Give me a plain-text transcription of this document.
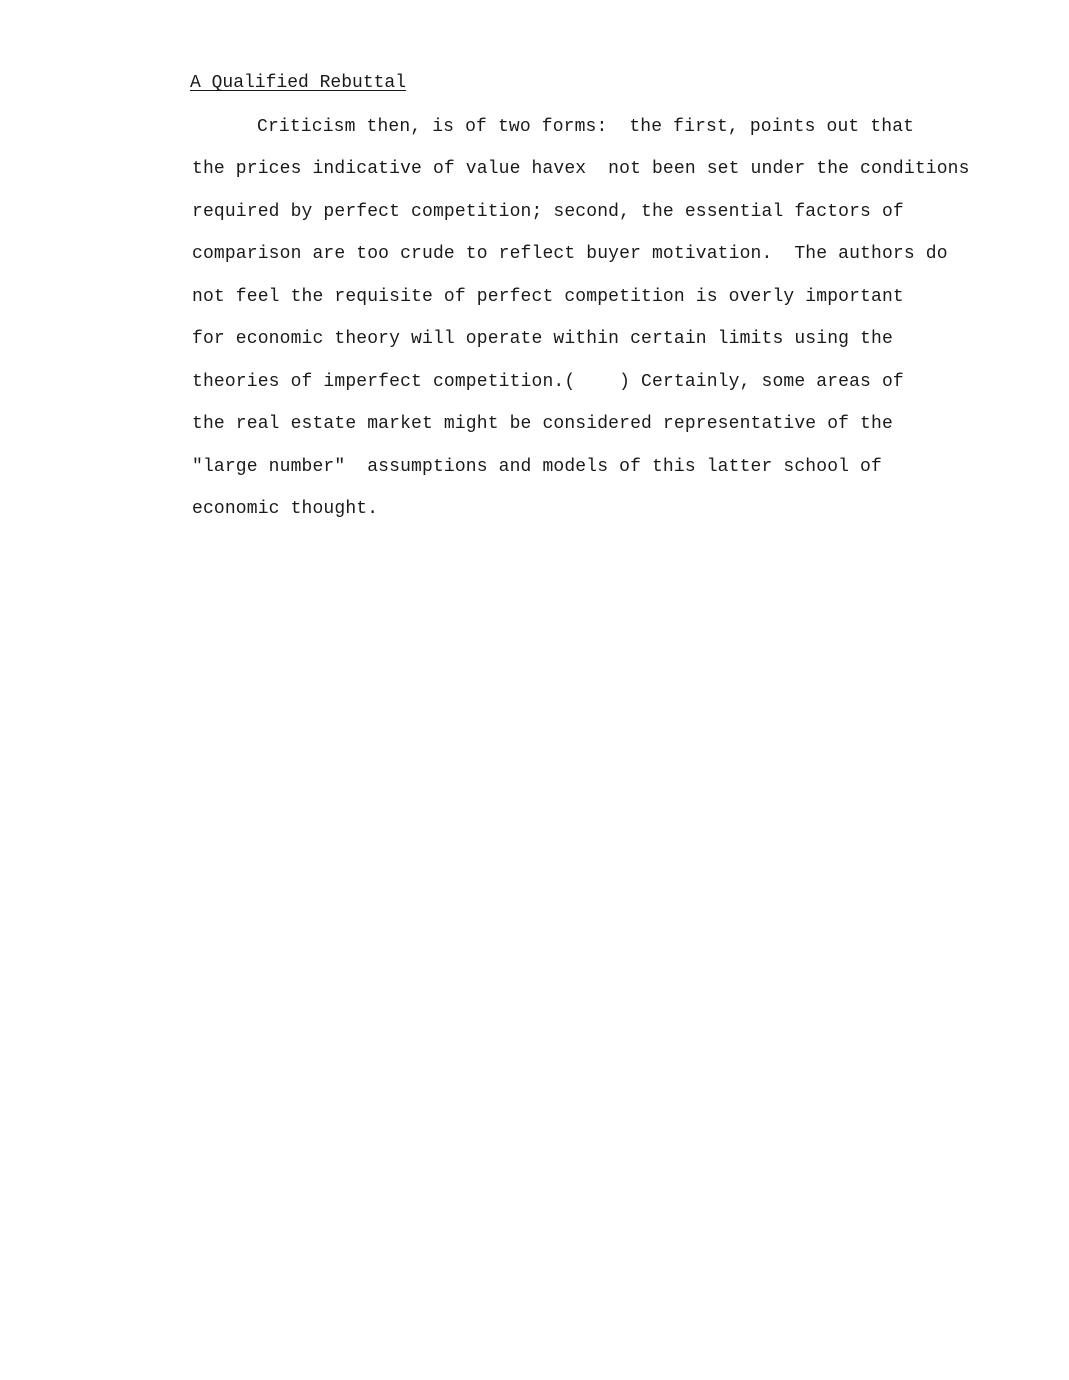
A Qualified Rebuttal
Criticism then, is of two forms:  the first, points out that
the prices indicative of value havex  not been set under the conditions
required by perfect competition; second, the essential factors of
comparison are too crude to reflect buyer motivation.  The authors do
not feel the requisite of perfect competition is overly important
for economic theory will operate within certain limits using the
theories of imperfect competition.(    ) Certainly, some areas of
the real estate market might be considered representative of the
"large number"  assumptions and models of this latter school of
economic thought.
